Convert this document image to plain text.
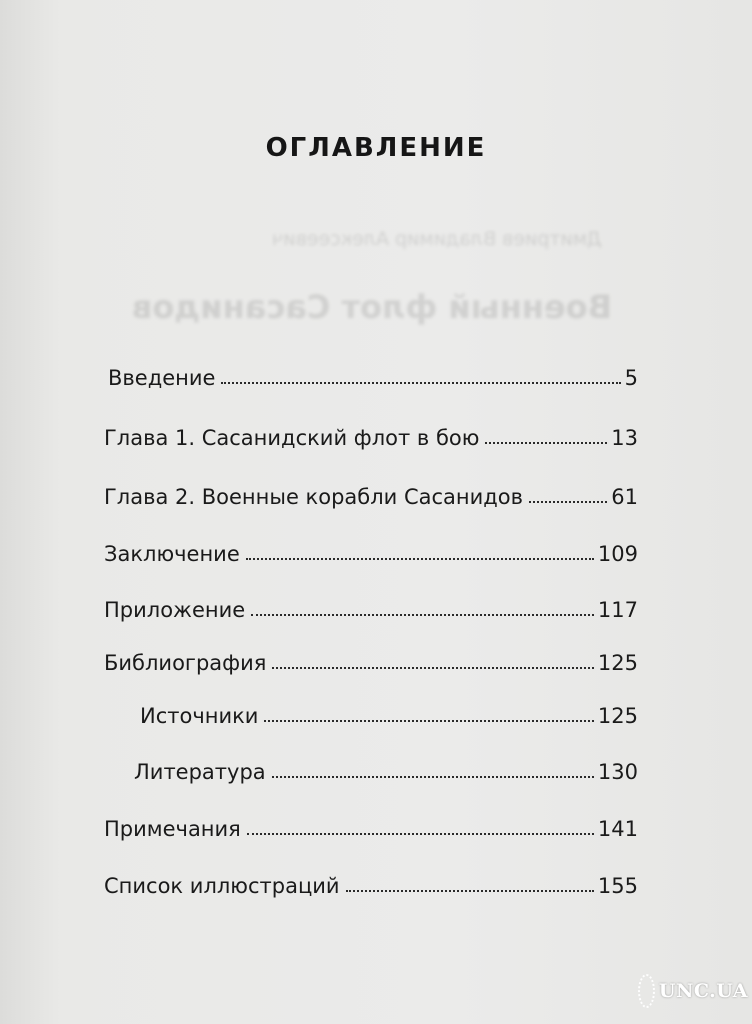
Дмитриев Владимир Алексеевич
Военный флот Сасанидов
ОГЛАВЛЕНИЕ
Введение	5
Глава 1. Сасанидский флот в бою	13
Глава 2. Военные корабли Сасанидов	61
Заключение	109
Приложение	117
Библиография	125
Источники	125
Литература	130
Примечания	141
Список иллюстраций	155
UNC.UA
